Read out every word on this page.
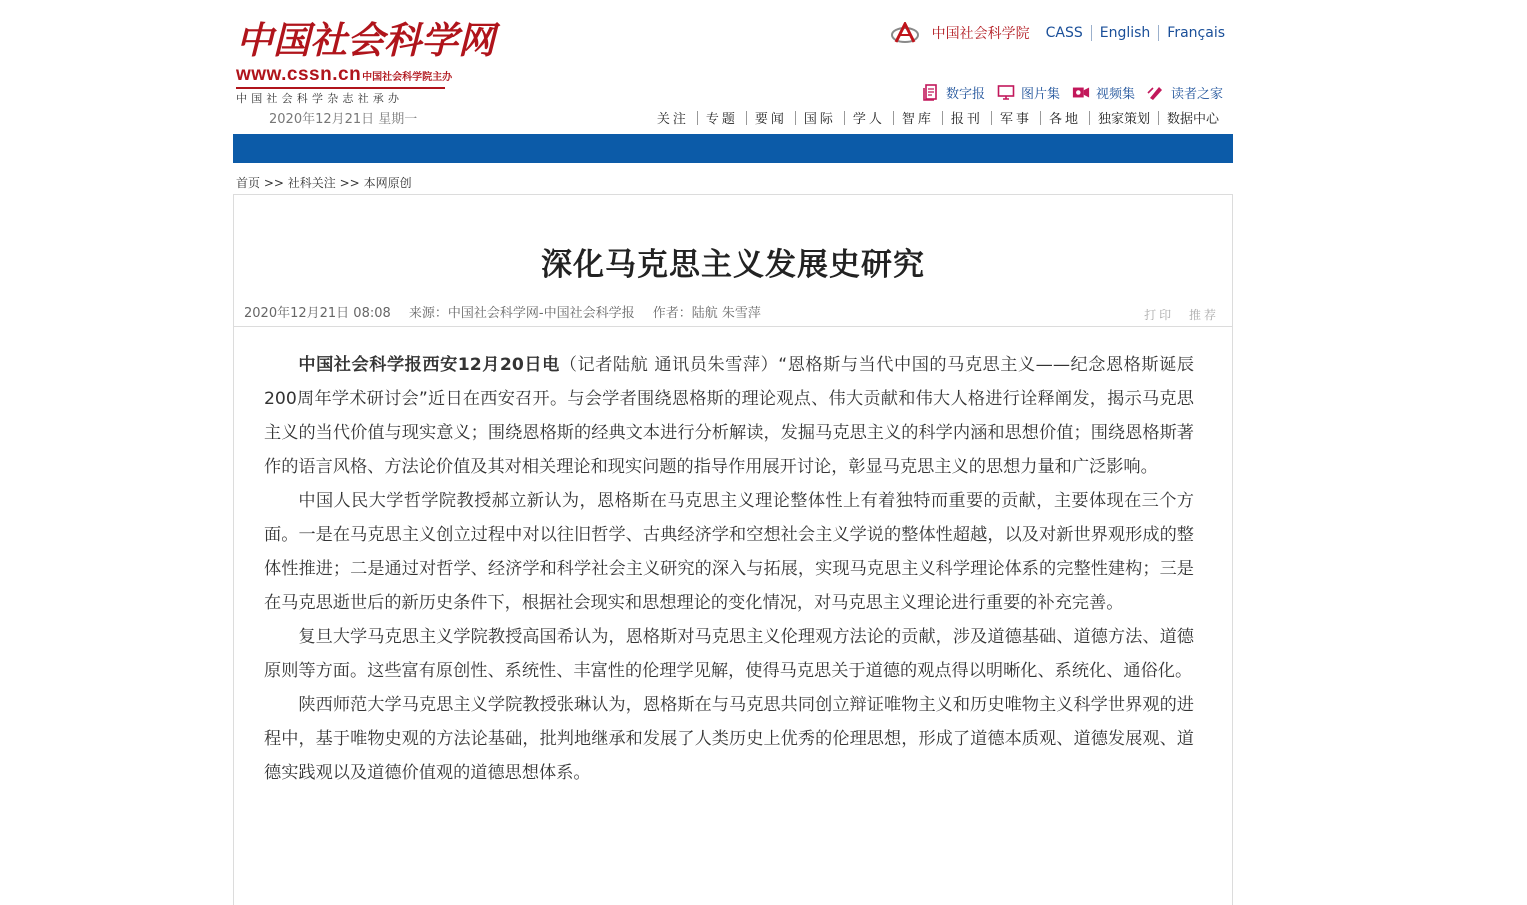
中国社会科学网
www.cssn.cn 中国社会科学院主办
中国社会科学杂志社承办
2020年12月21日 星期一
中国社会科学院 CASS English Français
数字报	图片集	视频集	读者之家
关注	专题	要闻	国际	学人	智库	报刊	军事	各地	独家策划	数据中心
首页 >> 社科关注 >> 本网原创
深化马克思主义发展史研究
2020年12月21日 08:08 来源：中国社会科学网-中国社会科学报 作者：陆航 朱雪萍	打印 推荐

中国社会科学报西安12月20日电（记者陆航 通讯员朱雪萍）“恩格斯与当代中国的马克思主义——纪念恩格斯诞辰200周年学术研讨会”近日在西安召开。与会学者围绕恩格斯的理论观点、伟大贡献和伟大人格进行诠释阐发，揭示马克思主义的当代价值与现实意义；围绕恩格斯的经典文本进行分析解读，发掘马克思主义的科学内涵和思想价值；围绕恩格斯著作的语言风格、方法论价值及其对相关理论和现实问题的指导作用展开讨论，彰显马克思主义的思想力量和广泛影响。

中国人民大学哲学院教授郝立新认为，恩格斯在马克思主义理论整体性上有着独特而重要的贡献，主要体现在三个方面。一是在马克思主义创立过程中对以往旧哲学、古典经济学和空想社会主义学说的整体性超越，以及对新世界观形成的整体性推进；二是通过对哲学、经济学和科学社会主义研究的深入与拓展，实现马克思主义科学理论体系的完整性建构；三是在马克思逝世后的新历史条件下，根据社会现实和思想理论的变化情况，对马克思主义理论进行重要的补充完善。

复旦大学马克思主义学院教授高国希认为，恩格斯对马克思主义伦理观方法论的贡献，涉及道德基础、道德方法、道德原则等方面。这些富有原创性、系统性、丰富性的伦理学见解，使得马克思关于道德的观点得以明晰化、系统化、通俗化。

陕西师范大学马克思主义学院教授张琳认为，恩格斯在与马克思共同创立辩证唯物主义和历史唯物主义科学世界观的进程中，基于唯物史观的方法论基础，批判地继承和发展了人类历史上优秀的伦理思想，形成了道德本质观、道德发展观、道德实践观以及道德价值观的道德思想体系。
